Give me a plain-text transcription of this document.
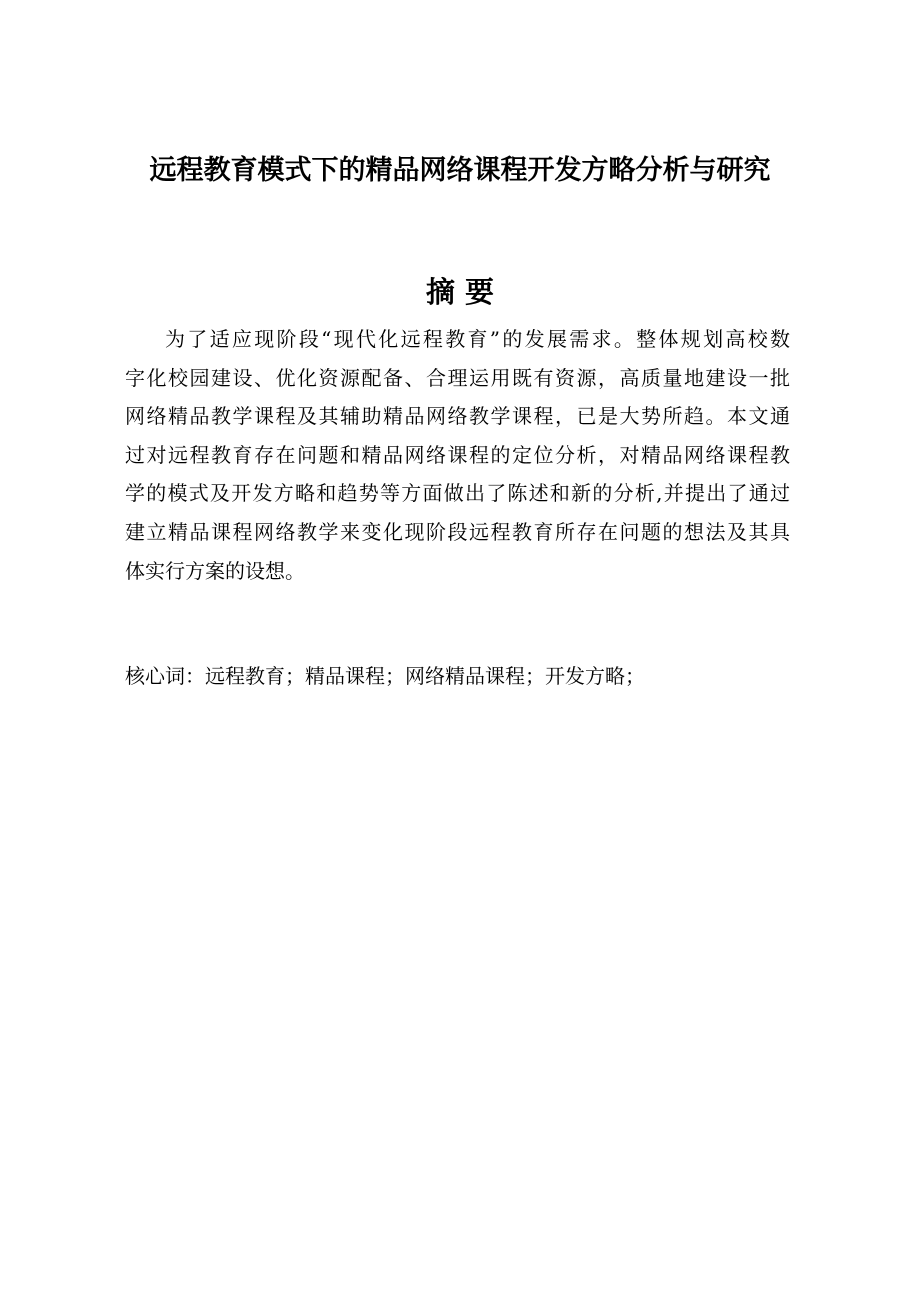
远程教育模式下的精品网络课程开发方略分析与研究
摘 要
为了适应现阶段“现代化远程教育”的发展需求。整体规划高校数
字化校园建设、优化资源配备、合理运用既有资源，高质量地建设一批
网络精品教学课程及其辅助精品网络教学课程，已是大势所趋。本文通
过对远程教育存在问题和精品网络课程的定位分析，对精品网络课程教
学的模式及开发方略和趋势等方面做出了陈述和新的分析,并提出了通过
建立精品课程网络教学来变化现阶段远程教育所存在问题的想法及其具
体实行方案的设想。
核心词：远程教育；精品课程；网络精品课程；开发方略；
